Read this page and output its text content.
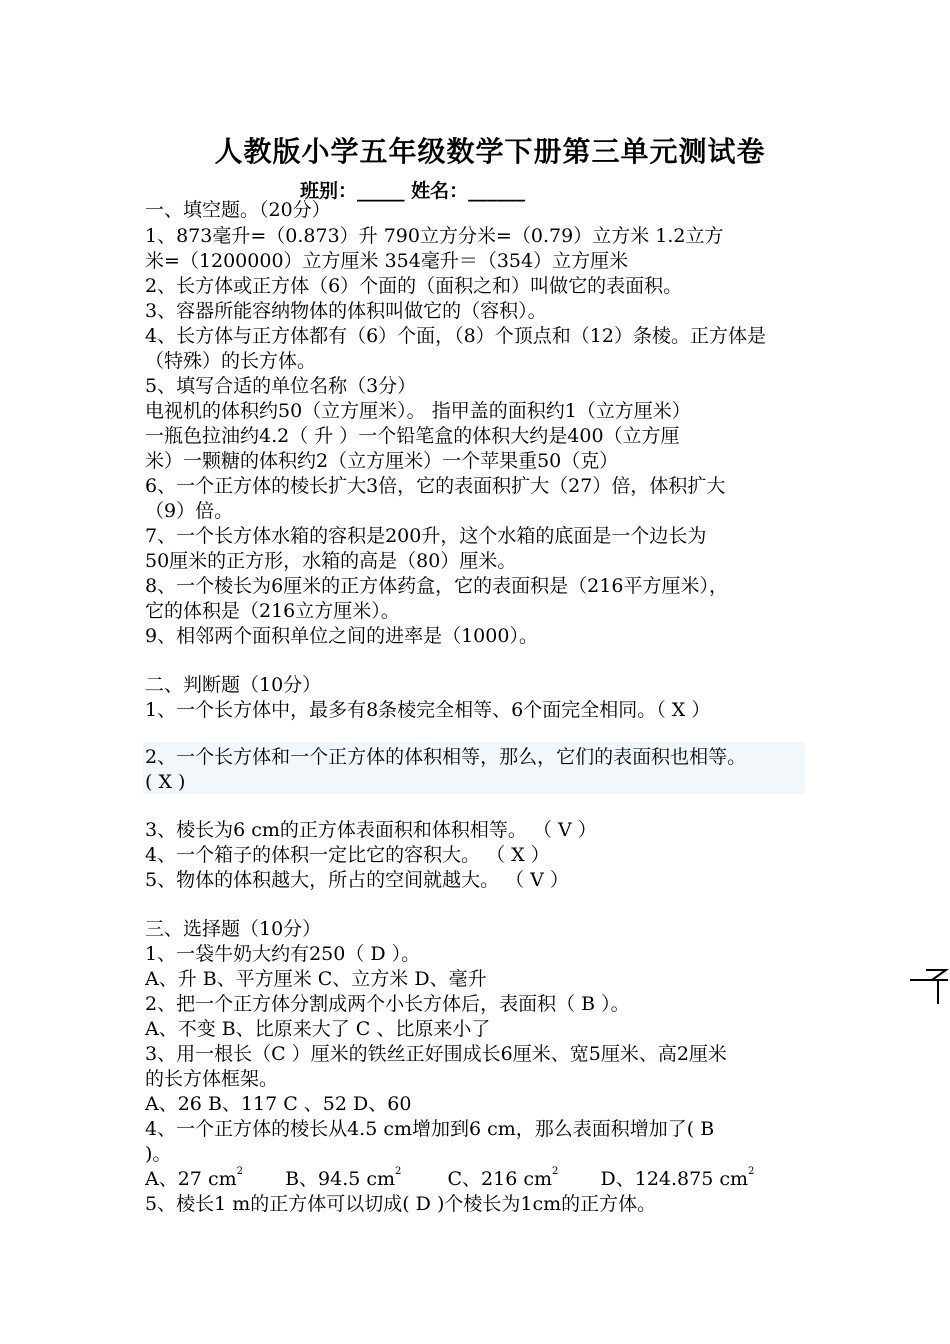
人教版小学五年级数学下册第三单元测试卷
班别：_____ 姓名：______
一、填空题。（20分）
1、873毫升=（0.873）升 790立方分米=（0.79）立方米 1.2立方
米=（1200000）立方厘米 354毫升＝（354）立方厘米
2、长方体或正方体（6）个面的（面积之和）叫做它的表面积。
3、容器所能容纳物体的体积叫做它的（容积）。
4、长方体与正方体都有（6）个面，（8）个顶点和（12）条棱。正方体是
（特殊）的长方体。
5、填写合适的单位名称（3分）
电视机的体积约50（立方厘米）。 指甲盖的面积约1（立方厘米）
一瓶色拉油约4.2（ 升 ）一个铅笔盒的体积大约是400（立方厘
米）一颗糖的体积约2（立方厘米）一个苹果重50（克）
6、一个正方体的棱长扩大3倍，它的表面积扩大（27）倍，体积扩大
（9）倍。
7、一个长方体水箱的容积是200升，这个水箱的底面是一个边长为
50厘米的正方形，水箱的高是（80）厘米。
8、一个棱长为6厘米的正方体药盒，它的表面积是（216平方厘米），
它的体积是（216立方厘米）。
9、相邻两个面积单位之间的进率是（1000）。
二、判断题（10分）
1、一个长方体中，最多有8条棱完全相等、6个面完全相同。（ X ）
2、一个长方体和一个正方体的体积相等，那么，它们的表面积也相等。
( X )
3、棱长为6 cm的正方体表面积和体积相等。 （ V ）
4、一个箱子的体积一定比它的容积大。 （ X ）
5、物体的体积越大，所占的空间就越大。 （ V ）
三、选择题（10分）
1、一袋牛奶大约有250（ D ）。
A、升 B、平方厘米 C、立方米 D、毫升
2、把一个正方体分割成两个小长方体后，表面积（ B ）。
A、不变 B、比原来大了 C 、比原来小了
3、用一根长（C ）厘米的铁丝正好围成长6厘米、宽5厘米、高2厘米
的长方体框架。
A、26 B、117 C 、52 D、60
4、一个正方体的棱长从4.5 cm增加到6 cm，那么表面积增加了( B
)。
A、27 $cm^2$ B、94.5 $cm^2$ C、216 $cm^2$ D、124.875 $cm^2$
5、棱长1 m的正方体可以切成( D )个棱长为1cm的正方体。
